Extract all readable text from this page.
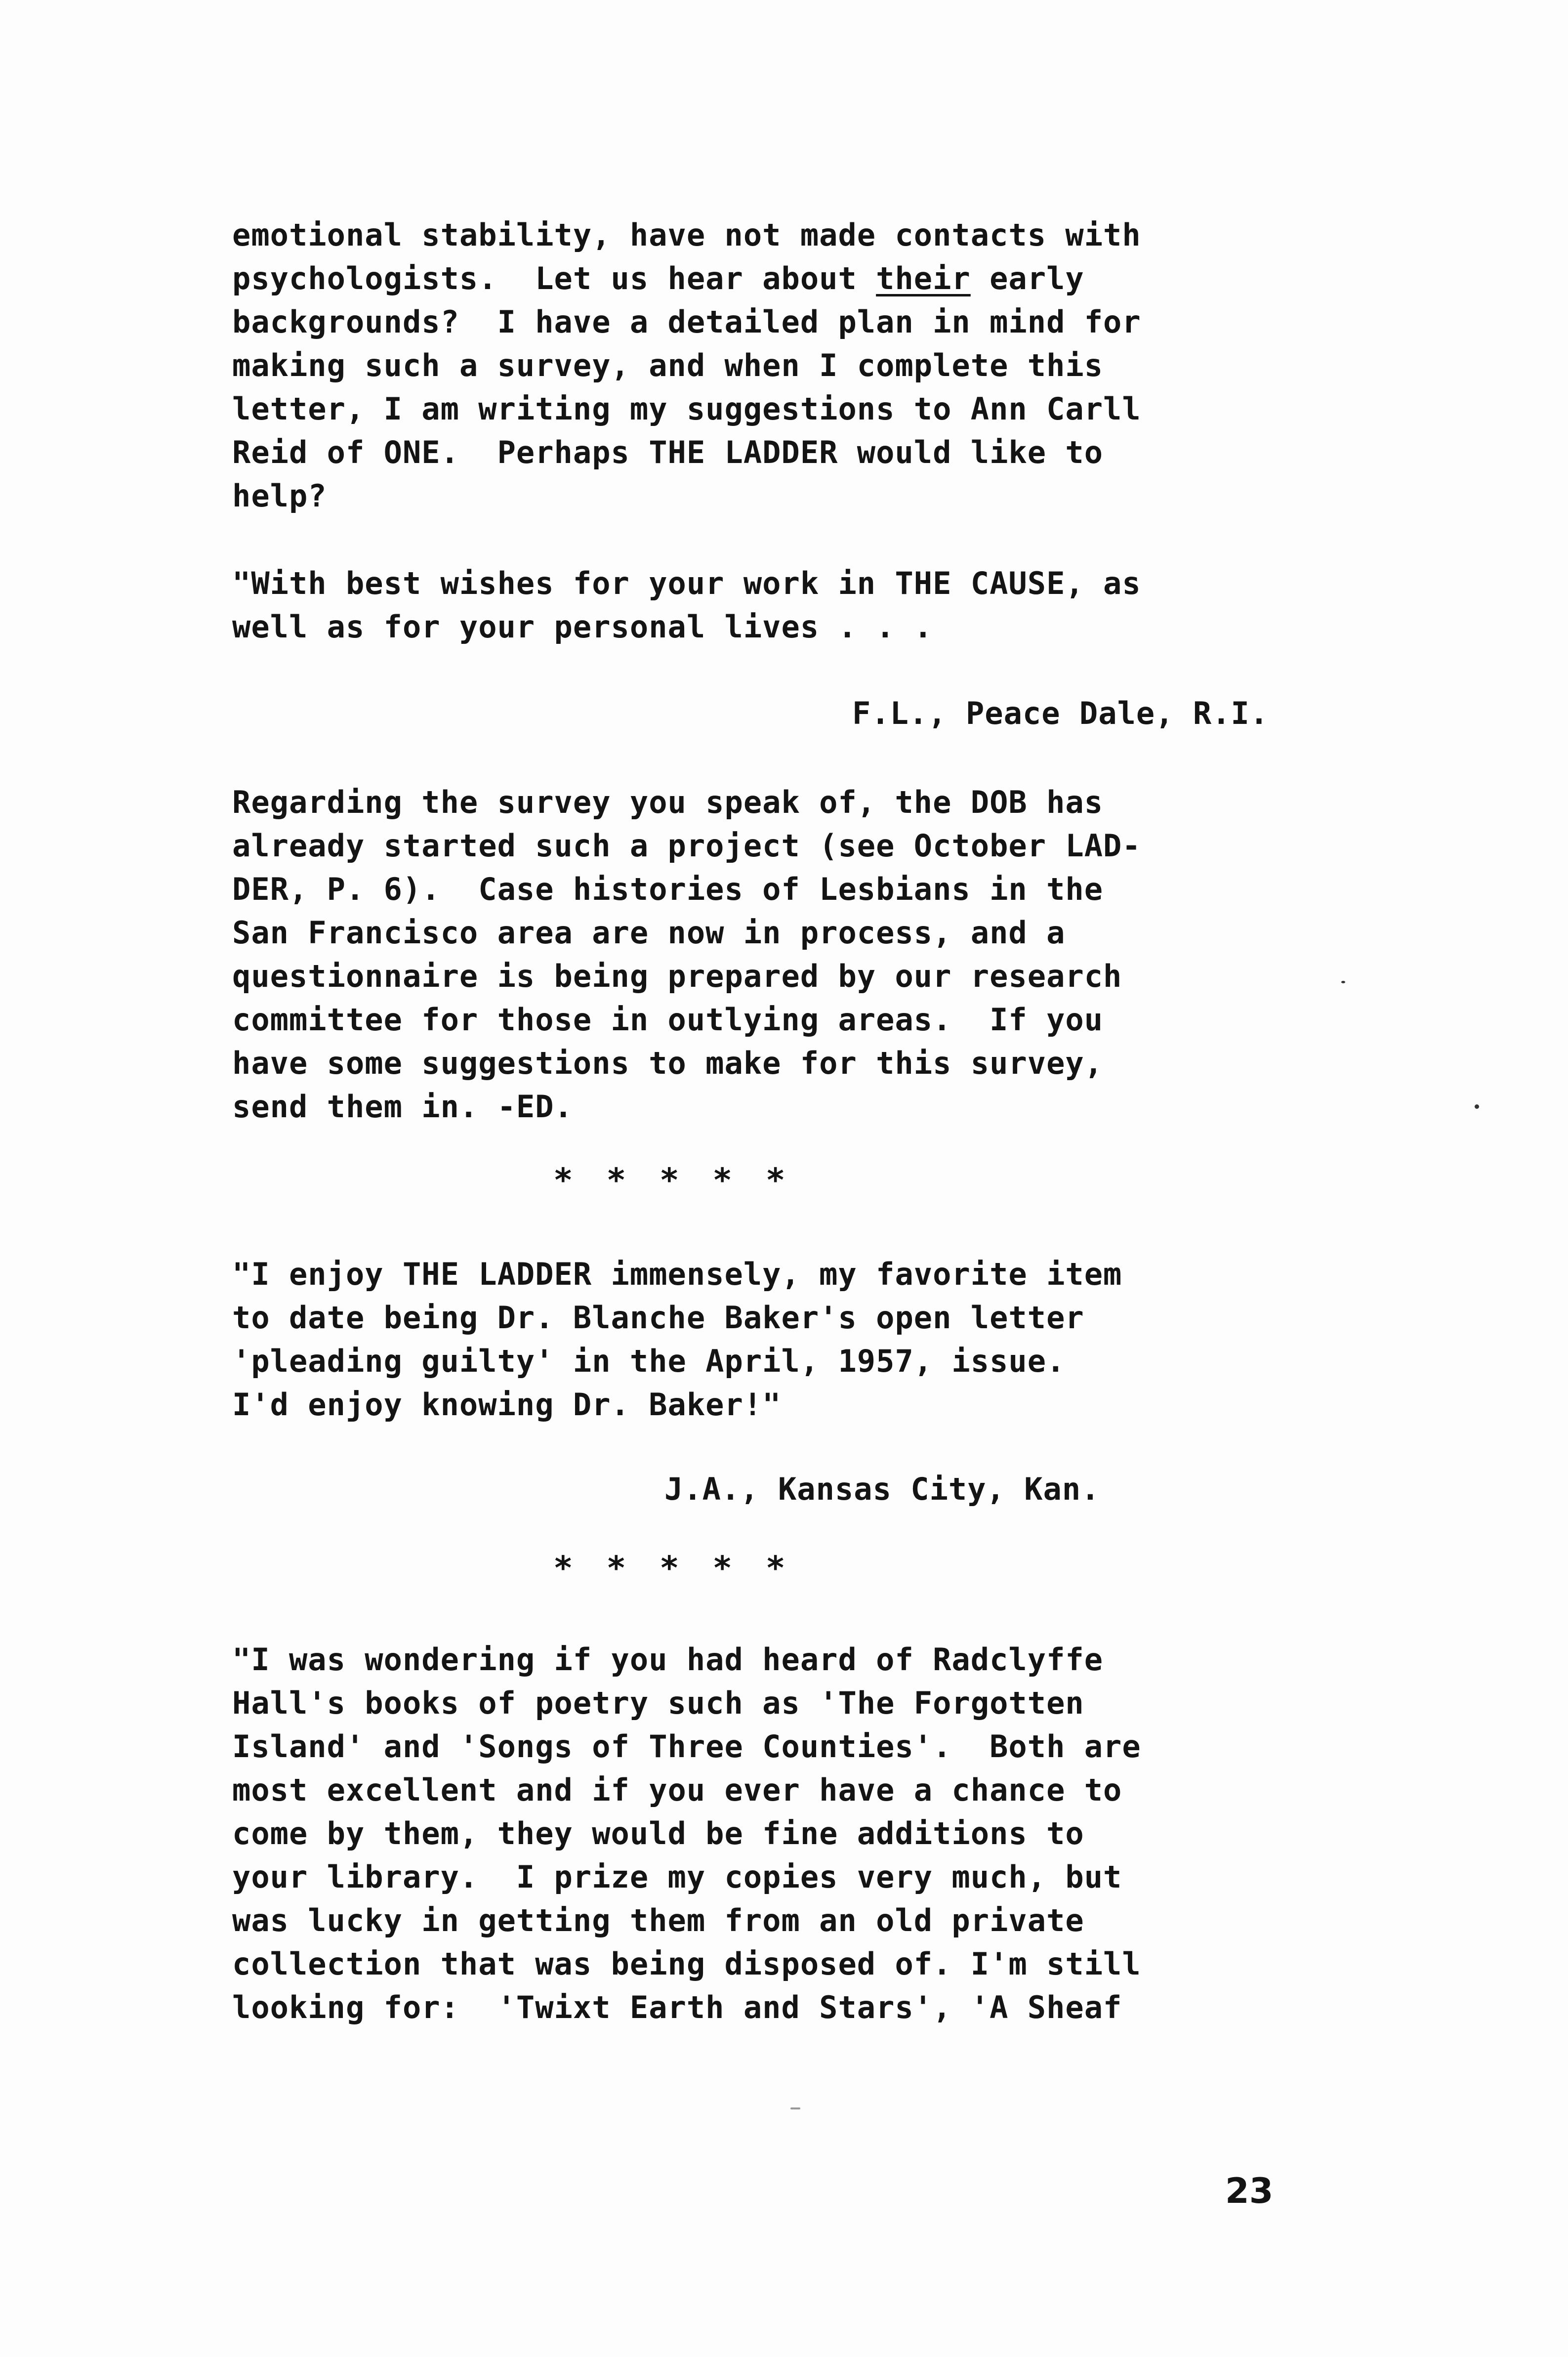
emotional stability, have not made contacts with
psychologists.  Let us hear about their early
backgrounds?  I have a detailed plan in mind for
making such a survey, and when I complete this
letter, I am writing my suggestions to Ann Carll
Reid of ONE.  Perhaps THE LADDER would like to
help?
"With best wishes for your work in THE CAUSE, as
well as for your personal lives . . .
F.L., Peace Dale, R.I.
Regarding the survey you speak of, the DOB has
already started such a project (see October LAD-
DER, P. 6).  Case histories of Lesbians in the
San Francisco area are now in process, and a
questionnaire is being prepared by our research
committee for those in outlying areas.  If you
have some suggestions to make for this survey,
send them in. -ED.
* * * * *
"I enjoy THE LADDER immensely, my favorite item
to date being Dr. Blanche Baker's open letter
'pleading guilty' in the April, 1957, issue.
I'd enjoy knowing Dr. Baker!"
J.A., Kansas City, Kan.
* * * * *
"I was wondering if you had heard of Radclyffe
Hall's books of poetry such as 'The Forgotten
Island' and 'Songs of Three Counties'.  Both are
most excellent and if you ever have a chance to
come by them, they would be fine additions to
your library.  I prize my copies very much, but
was lucky in getting them from an old private
collection that was being disposed of. I'm still
looking for:  'Twixt Earth and Stars', 'A Sheaf
23
